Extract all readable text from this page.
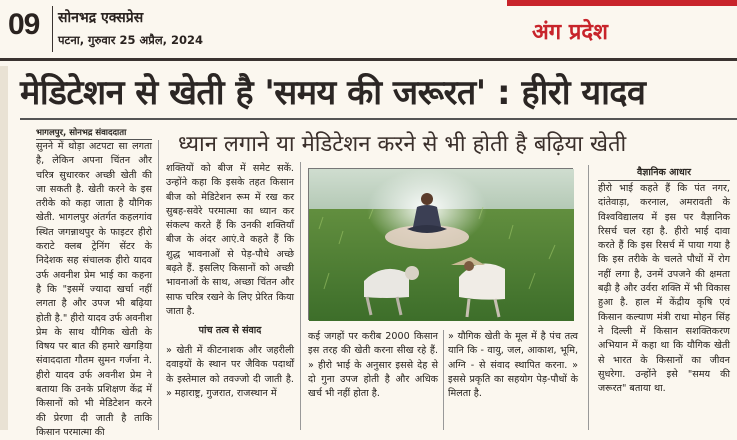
09 सोनभद्र एक्सप्रेस
पटना, गुरुवार 25 अप्रैल, 2024	अंग प्रदेश
मेडिटेशन से खेती है 'समय की जरूरत' : हीरो यादव
भागलपुर, सोनभद्र संवाददाता	ध्यान लगाने या मेडिटेशन करने से भी होती है बढ़िया खेती

सुनने में थोड़ा अटपटा सा लगता है, लेकिन अपना चिंतन और चरित्र सुधारकर अच्छी खेती की जा सकती है. खेती करने के इस तरीके को कहा जाता है यौगिक खेती. भागलपुर अंतर्गत कहलगांव स्थित जगन्नाथपुर के फाइटर हीरो कराटे क्लब ट्रेनिंग सेंटर के निदेशक सह संचालक हीरो यादव उर्फ अवनीश प्रेम भाई का कहना है कि "इसमें ज्यादा खर्चा नहीं लगता है और उपज भी बढ़िया होती है." हीरो यादव उर्फ अवनीश प्रेम के साथ यौगिक खेती के विषय पर बात की हमारे खगड़िया संवाददाता गौतम सुमन गर्जना ने. हीरो यादव उर्फ अवनीश प्रेम ने बताया कि उनके प्रशिक्षण केंद्र में किसानों को भी मेडिटेशन करने की प्रेरणा दी जाती है ताकि किसान परमात्मा की

शक्तियों को बीज में समेट सकें. उन्होंने कहा कि इसके तहत किसान बीज को मेडिटेशन रूम में रख कर सुबह-सवेरे परमात्मा का ध्यान कर संकल्प करते हैं कि उनकी शक्तियाँ बीज के अंदर आएं.वे कहते हैं कि शुद्ध भावनाओं से पेड़-पौधे अच्छे बढ़ते हैं. इसलिए किसानों को अच्छी भावनाओं के साथ, अच्छा चिंतन और साफ चरित्र रखने के लिए प्रेरित किया जाता है.

पांच तत्व से संवाद

» खेती में कीटनाशक और जहरीली दवाइयों के स्थान पर जैविक पदार्थों के इस्तेमाल को तवज्जो दी जाती है. » महाराष्ट्र, गुजरात, राजस्थान में

कई जगहों पर करीब 2000 किसान इस तरह की खेती करना सीख रहे हैं. » हीरो भाई के अनुसार इससे देह से दो गुना उपज होती है और अधिक खर्च भी नहीं होता है.

» यौगिक खेती के मूल में है पंच तत्व यानि कि - वायु, जल, आकाश, भूमि, अग्नि - से संवाद स्थापित करना. » इससे प्रकृति का सहयोग पेड़-पौधों के मिलता है.

वैज्ञानिक आधार

हीरो भाई कहते हैं कि पंत नगर, दांतेवाड़ा, करनाल, अमरावती के विश्वविद्यालय में इस पर वैज्ञानिक रिसर्च चल रहा है. हीरो भाई दावा करते हैं कि इस रिसर्च में पाया गया है कि इस तरीके के चलते पौधों में रोग नहीं लगा है, उनमें उपजने की क्षमता बढ़ी है और उर्वरा शक्ति में भी विकास हुआ है. हाल में केंद्रीय कृषि एवं किसान कल्याण मंत्री राधा मोहन सिंह ने दिल्ली में किसान सशक्तिकरण अभियान में कहा था कि यौगिक खेती से भारत के किसानों का जीवन सुधरेगा. उन्होंने इसे "समय की जरूरत" बताया था.
